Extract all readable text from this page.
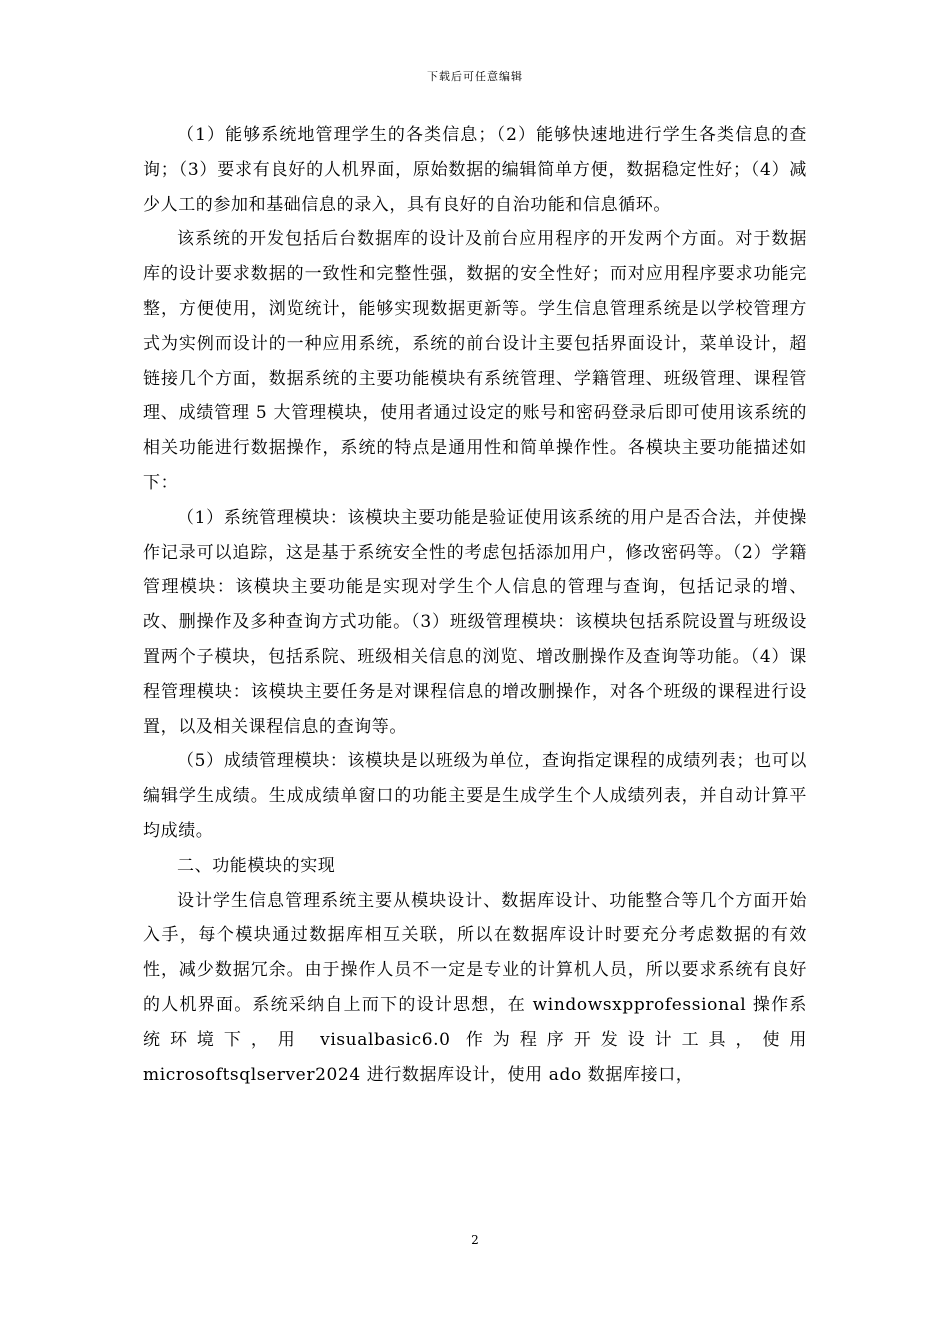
下载后可任意编辑

（1）能够系统地管理学生的各类信息；（2）能够快速地进行学生各类信息的查询；（3）要求有良好的人机界面，原始数据的编辑简单方便，数据稳定性好；（4）减少人工的参加和基础信息的录入，具有良好的自治功能和信息循环。

该系统的开发包括后台数据库的设计及前台应用程序的开发两个方面。对于数据库的设计要求数据的一致性和完整性强，数据的安全性好；而对应用程序要求功能完整，方便使用，浏览统计，能够实现数据更新等。学生信息管理系统是以学校管理方式为实例而设计的一种应用系统，系统的前台设计主要包括界面设计，菜单设计，超链接几个方面，数据系统的主要功能模块有系统管理、学籍管理、班级管理、课程管理、成绩管理 5 大管理模块，使用者通过设定的账号和密码登录后即可使用该系统的相关功能进行数据操作，系统的特点是通用性和简单操作性。各模块主要功能描述如下：

（1）系统管理模块：该模块主要功能是验证使用该系统的用户是否合法，并使操作记录可以追踪，这是基于系统安全性的考虑包括添加用户，修改密码等。（2）学籍管理模块：该模块主要功能是实现对学生个人信息的管理与查询，包括记录的增、改、删操作及多种查询方式功能。（3）班级管理模块：该模块包括系院设置与班级设置两个子模块，包括系院、班级相关信息的浏览、增改删操作及查询等功能。（4）课程管理模块：该模块主要任务是对课程信息的增改删操作，对各个班级的课程进行设置，以及相关课程信息的查询等。

（5）成绩管理模块：该模块是以班级为单位，查询指定课程的成绩列表；也可以编辑学生成绩。生成成绩单窗口的功能主要是生成学生个人成绩列表，并自动计算平均成绩。

二、功能模块的实现

设计学生信息管理系统主要从模块设计、数据库设计、功能整合等几个方面开始入手，每个模块通过数据库相互关联，所以在数据库设计时要充分考虑数据的有效性，减少数据冗余。由于操作人员不一定是专业的计算机人员，所以要求系统有良好的人机界面。系统采纳自上而下的设计思想，在 windowsxpprofessional 操作系统环境下，用 visualbasic6.0 作为程序开发设计工具，使用 microsoftsqlserver2024 进行数据库设计，使用 ado 数据库接口，

2
